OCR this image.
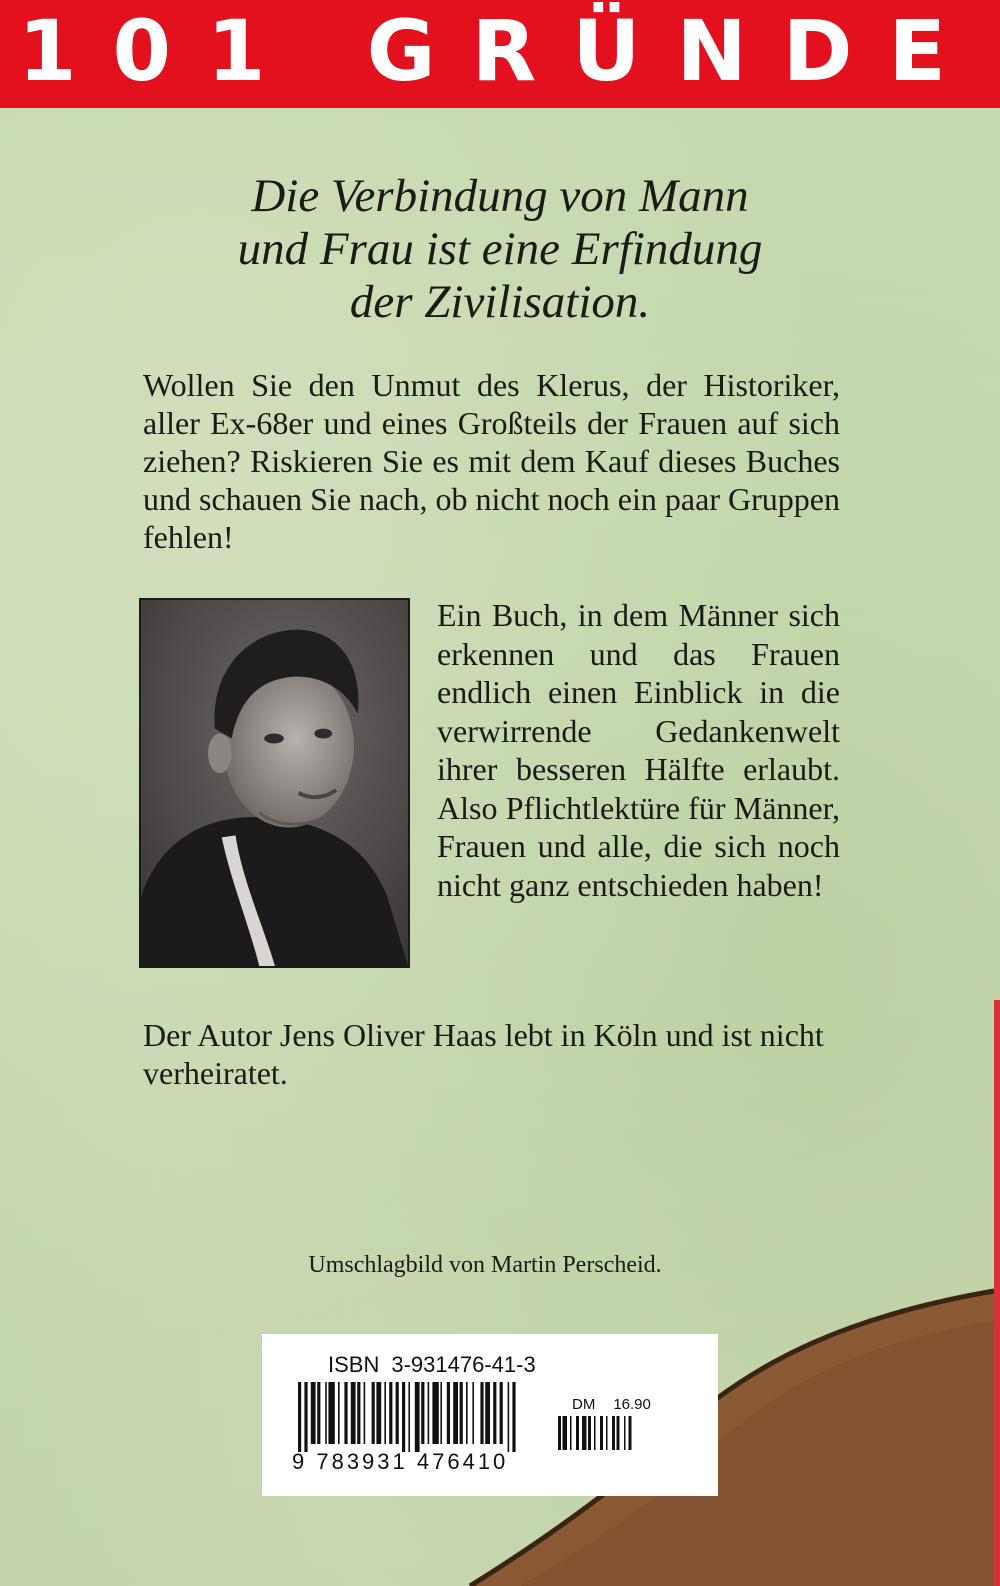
101 GRÜNDE
Die Verbindung von Mann
und Frau ist eine Erfindung
der Zivilisation.

Wollen Sie den Unmut des Klerus, der Historiker, aller Ex-68er und eines Großteils der Frauen auf sich ziehen? Riskieren Sie es mit dem Kauf dieses Buches und schauen Sie nach, ob nicht noch ein paar Gruppen fehlen!

Ein Buch, in dem Männer sich erkennen und das Frauen endlich einen Einblick in die verwirrende Gedankenwelt ihrer besseren Hälfte erlaubt. Also Pflichtlektüre für Männer, Frauen und alle, die sich noch nicht ganz entschieden haben!

Der Autor Jens Oliver Haas lebt in Köln und ist nicht verheiratet.

Umschlagbild von Martin Perscheid.
ISBN 3-931476-41-3
9 783931 476410
DM 16.90
